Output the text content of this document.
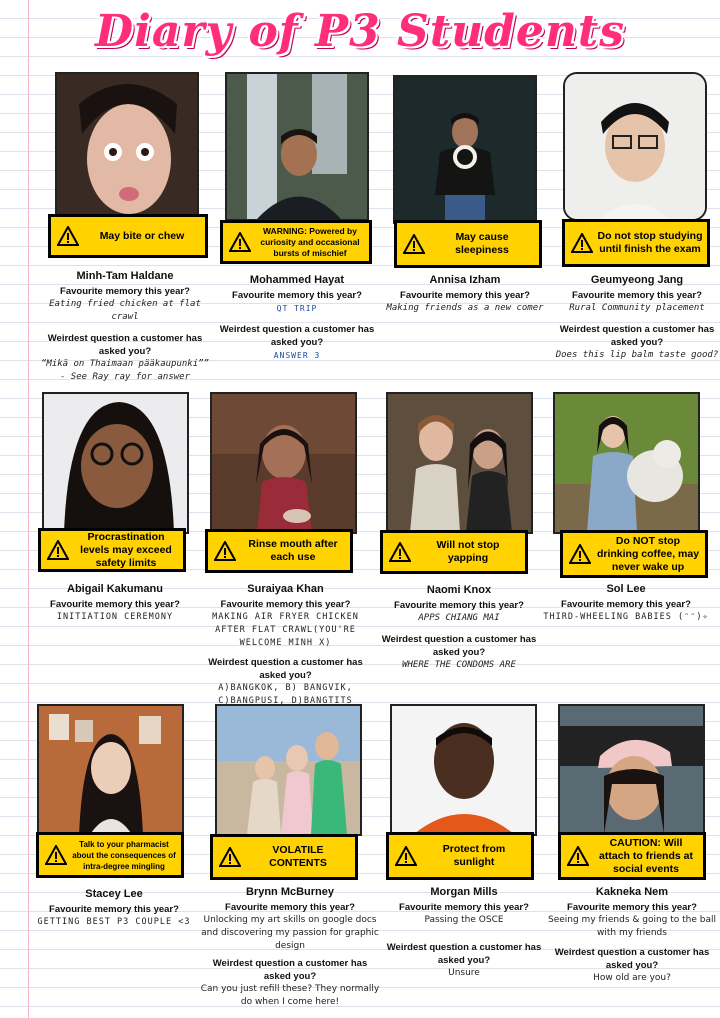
Diary of P3 Students
May bite or chew
Minh-Tam Haldane
Favourite memory this year?
Eating fried chicken at flat crawl
Weirdest question a customer has asked you?
“Mikä on Thaimaan pääkaupunki”” - See Ray ray for answer
WARNING: Powered by curiosity and occasional bursts of mischief
Mohammed Hayat
Favourite memory this year?
QT TRIP
Weirdest question a customer has asked you?
ANSWER 3
May cause sleepiness
Annisa Izham
Favourite memory this year?
Making friends as a new comer
Do not stop studying until finish the exam
Geumyeong Jang
Favourite memory this year?
Rural Community placement
Weirdest question a customer has asked you?
Does this lip balm taste good?
Procrastination levels may exceed safety limits
Abigail Kakumanu
Favourite memory this year?
INITIATION CEREMONY
Rinse mouth after each use
Suraiyaa Khan
Favourite memory this year?
MAKING AIR FRYER CHICKEN AFTER FLAT CRAWL(YOU'RE WELCOME MINH X)
Weirdest question a customer has asked you?
A)BANGKOK, B) BANGVIK, C)BANGPUSI, D)BANGTITS
Will not stop yapping
Naomi Knox
Favourite memory this year?
APPS CHIANG MAI
Weirdest question a customer has asked you?
WHERE THE CONDOMS ARE
Do NOT stop drinking coffee, may never wake up
Sol Lee
Favourite memory this year?
THIRD-WHEELING BABIES (ᵔᵔ)✧
Talk to your pharmacist about the consequences of intra-degree mingling
Stacey Lee
Favourite memory this year?
GETTING BEST P3 COUPLE <3
VOLATILE CONTENTS
Brynn McBurney
Favourite memory this year?
Unlocking my art skills on google docs and discovering my passion for graphic design
Weirdest question a customer has asked you?
Can you just refill these? They normally do when I come here!
Protect from sunlight
Morgan Mills
Favourite memory this year?
Passing the OSCE
Weirdest question a customer has asked you?
Unsure
CAUTION: Will attach to friends at social events
Kakneka Nem
Favourite memory this year?
Seeing my friends & going to the ball with my friends
Weirdest question a customer has asked you?
How old are you?
